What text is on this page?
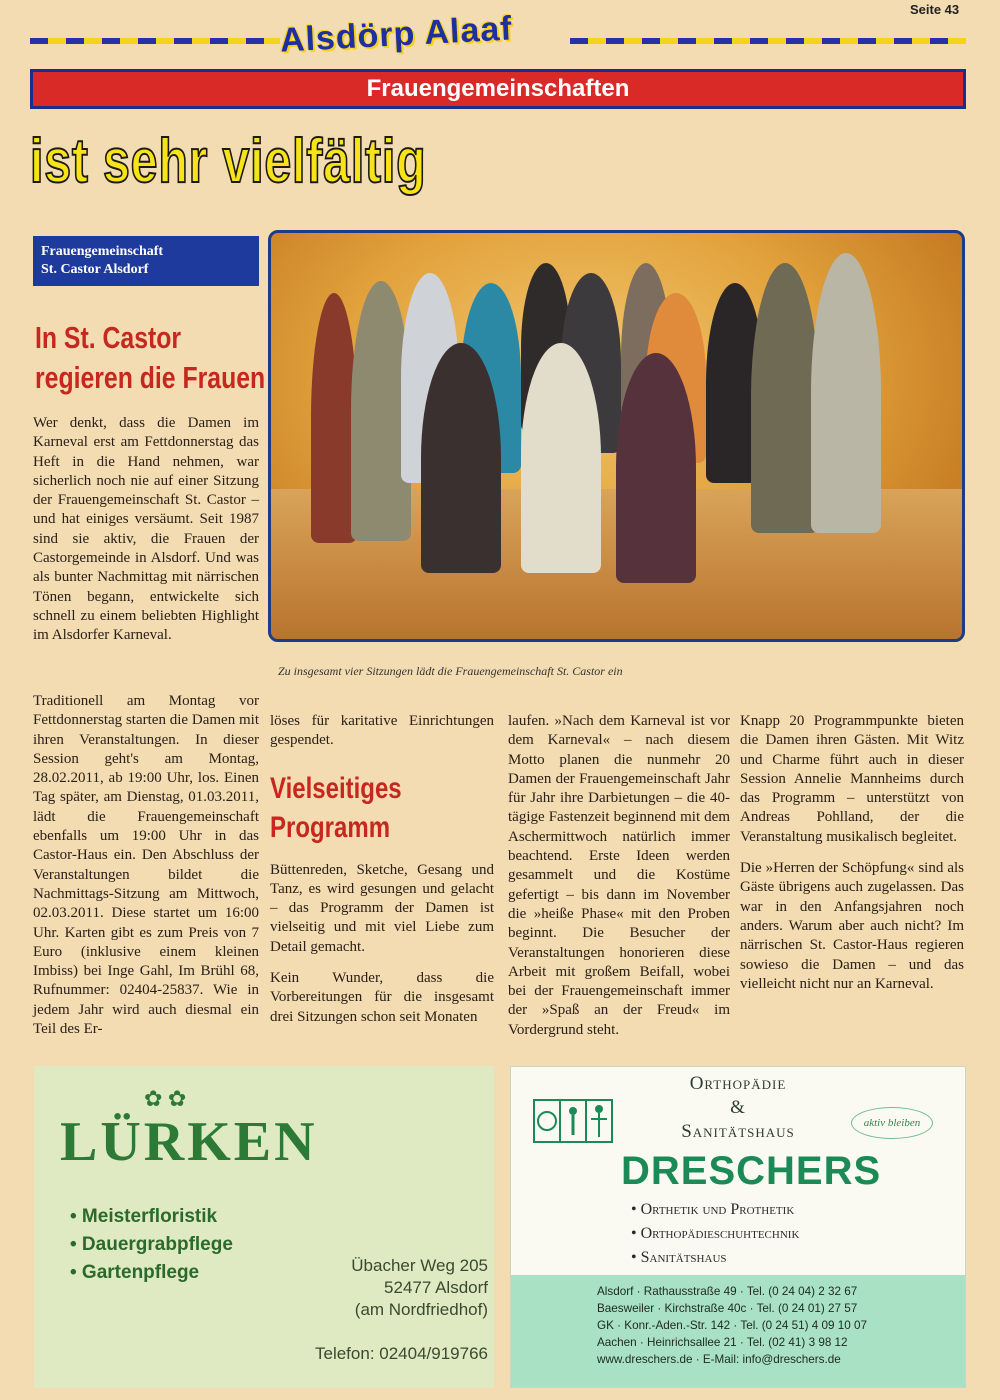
Seite 43
Alsdörp Alaaf
Frauengemeinschaften
ist sehr vielfältig
Frauengemeinschaft
St. Castor Alsdorf
In St. Castor
regieren die Frauen

Wer denkt, dass die Damen im Karneval erst am Fettdonnerstag das Heft in die Hand nehmen, war sicherlich noch nie auf einer Sitzung der Frauengemeinschaft St. Castor – und hat einiges versäumt. Seit 1987 sind sie aktiv, die Frauen der Castorgemeinde in Alsdorf. Und was als bunter Nachmittag mit närrischen Tönen begann, entwickelte sich schnell zu einem beliebten Highlight im Alsdorfer Karneval.

Zu insgesamt vier Sitzungen lädt die Frauengemeinschaft St. Castor ein

Traditionell am Montag vor Fettdonnerstag starten die Damen mit ihren Veranstaltungen. In dieser Session geht's am Montag, 28.02.2011, ab 19:00 Uhr, los. Einen Tag später, am Dienstag, 01.03.2011, lädt die Frauengemeinschaft ebenfalls um 19:00 Uhr in das Castor-Haus ein. Den Abschluss der Veranstaltungen bildet die Nachmittags-Sitzung am Mittwoch, 02.03.2011. Diese startet um 16:00 Uhr. Karten gibt es zum Preis von 7 Euro (inklusive einem kleinen Imbiss) bei Inge Gahl, Im Brühl 68, Rufnummer: 02404-25837. Wie in jedem Jahr wird auch diesmal ein Teil des Er-

löses für karitative Einrichtungen gespendet.

Vielseitiges
Programm

Büttenreden, Sketche, Gesang und Tanz, es wird gesungen und gelacht – das Programm der Damen ist vielseitig und mit viel Liebe zum Detail gemacht.

Kein Wunder, dass die Vorbereitungen für die insgesamt drei Sitzungen schon seit Monaten

laufen. »Nach dem Karneval ist vor dem Karneval« – nach diesem Motto planen die nunmehr 20 Damen der Frauengemeinschaft Jahr für Jahr ihre Darbietungen – die 40-tägige Fastenzeit beginnend mit dem Aschermittwoch natürlich immer beachtend. Erste Ideen werden gesammelt und die Kostüme gefertigt – bis dann im November die »heiße Phase« mit den Proben beginnt. Die Besucher der Veranstaltungen honorieren diese Arbeit mit großem Beifall, wobei bei der Frauengemeinschaft immer der »Spaß an der Freud« im Vordergrund steht.

Knapp 20 Programmpunkte bieten die Damen ihren Gästen. Mit Witz und Charme führt auch in dieser Session Annelie Mannheims durch das Programm – unterstützt von Andreas Pohlland, der die Veranstaltung musikalisch begleitet.

Die »Herren der Schöpfung« sind als Gäste übrigens auch zugelassen. Das war in den Anfangsjahren noch anders. Warum aber auch nicht? Im närrischen St. Castor-Haus regieren sowieso die Damen – und das vielleicht nicht nur an Karneval.

✿ ✿
LÜRKEN
• Meisterfloristik
• Dauergrabpflege
• Gartenpflege	Übacher Weg 205
52477 Alsdorf
(am Nordfriedhof)
Telefon: 02404/919766
Orthopädie
&
Sanitätshaus	aktiv bleiben
DRESCHERS
• Orthetik und Prothetik
• Orthopädieschuhtechnik
• Sanitätshaus
Alsdorf · Rathausstraße 49 · Tel. (0 24 04) 2 32 67
Baesweiler · Kirchstraße 40c · Tel. (0 24 01) 27 57
GK · Konr.-Aden.-Str. 142 · Tel. (0 24 51) 4 09 10 07
Aachen · Heinrichsallee 21 · Tel. (02 41) 3 98 12
www.dreschers.de · E-Mail: info@dreschers.de
